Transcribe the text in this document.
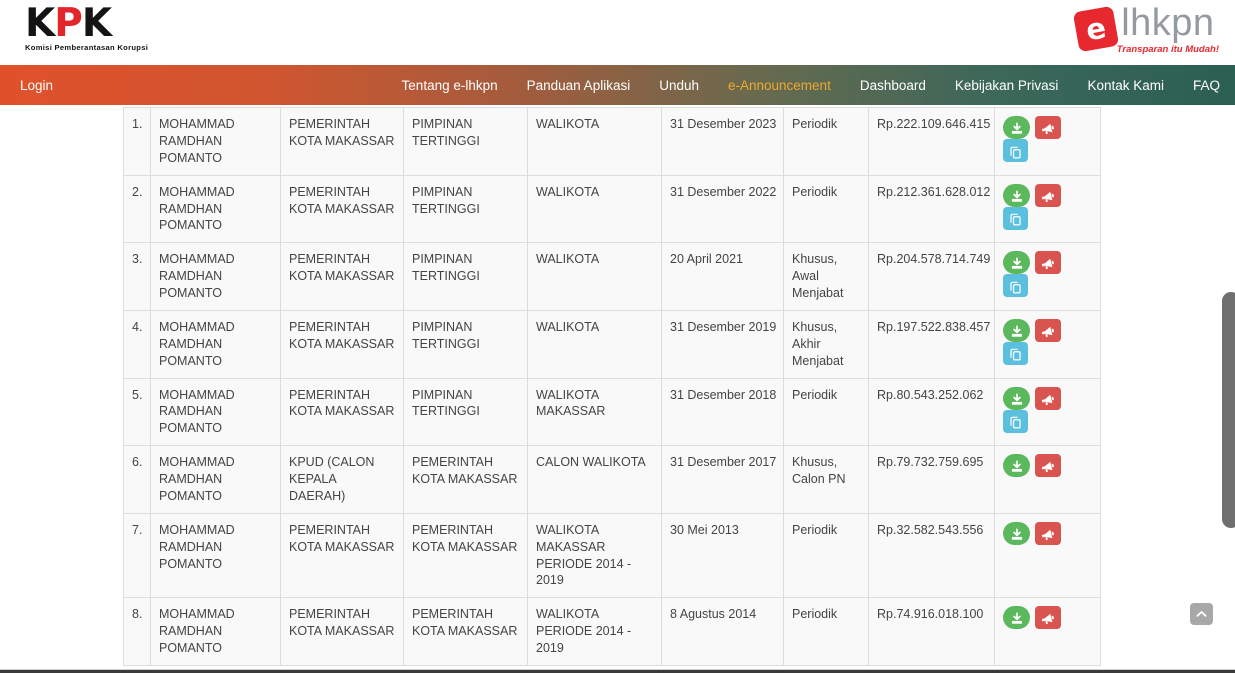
KPK
Komisi Pemberantasan Korupsi
e lhkpn
Transparan itu Mudah!
Login	Tentang e-lhkpn Panduan Aplikasi Unduh e-Announcement Dashboard Kebijakan Privasi Kontak Kami FAQ
1.	MOHAMMAD RAMDHAN POMANTO	PEMERINTAH KOTA MAKASSAR	PIMPINAN TERTINGGI	WALIKOTA	31 Desember 2023	Periodik	Rp.222.109.646.415	

2.	MOHAMMAD RAMDHAN POMANTO	PEMERINTAH KOTA MAKASSAR	PIMPINAN TERTINGGI	WALIKOTA	31 Desember 2022	Periodik	Rp.212.361.628.012	

3.	MOHAMMAD RAMDHAN POMANTO	PEMERINTAH KOTA MAKASSAR	PIMPINAN TERTINGGI	WALIKOTA	20 April 2021	Khusus, Awal Menjabat	Rp.204.578.714.749	

4.	MOHAMMAD RAMDHAN POMANTO	PEMERINTAH KOTA MAKASSAR	PIMPINAN TERTINGGI	WALIKOTA	31 Desember 2019	Khusus, Akhir Menjabat	Rp.197.522.838.457	

5.	MOHAMMAD RAMDHAN POMANTO	PEMERINTAH KOTA MAKASSAR	PIMPINAN TERTINGGI	WALIKOTA MAKASSAR	31 Desember 2018	Periodik	Rp.80.543.252.062	

6.	MOHAMMAD RAMDHAN POMANTO	KPUD (CALON KEPALA DAERAH)	PEMERINTAH KOTA MAKASSAR	CALON WALIKOTA	31 Desember 2017	Khusus, Calon PN	Rp.79.732.759.695	

7.	MOHAMMAD RAMDHAN POMANTO	PEMERINTAH KOTA MAKASSAR	PEMERINTAH KOTA MAKASSAR	WALIKOTA MAKASSAR PERIODE 2014 - 2019	30 Mei 2013	Periodik	Rp.32.582.543.556	

8.	MOHAMMAD RAMDHAN POMANTO	PEMERINTAH KOTA MAKASSAR	PEMERINTAH KOTA MAKASSAR	WALIKOTA PERIODE 2014 - 2019	8 Agustus 2014	Periodik	Rp.74.916.018.100	
